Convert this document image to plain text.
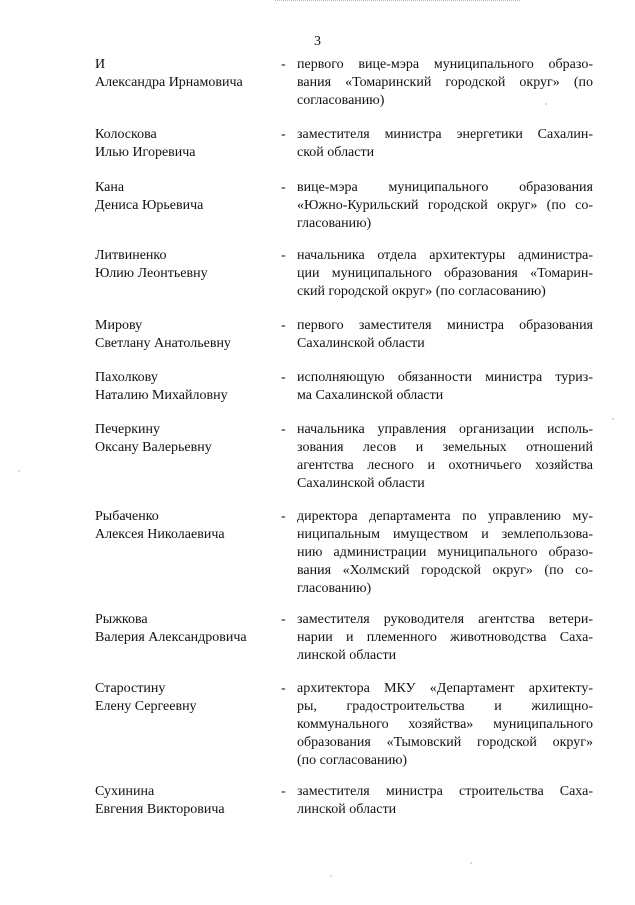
3
И
Александра Ирнамовича
- первого вице-мэра муниципального образо-
вания «Томаринский городской округ» (по
согласованию)
Колоскова
Илью Игоревича
- заместителя министра энергетики Сахалин-
ской области
Кана
Дениса Юрьевича
- вице-мэра муниципального образования
«Южно-Курильский городской округ» (по со-
гласованию)
Литвиненко
Юлию Леонтьевну
- начальника отдела архитектуры администра-
ции муниципального образования «Томарин-
ский городской округ» (по согласованию)
Мирову
Светлану Анатольевну
- первого заместителя министра образования
Сахалинской области
Пахолкову
Наталию Михайловну
- исполняющую обязанности министра туриз-
ма Сахалинской области
Печеркину
Оксану Валерьевну
- начальника управления организации исполь-
зования лесов и земельных отношений
агентства лесного и охотничьего хозяйства
Сахалинской области
Рыбаченко
Алексея Николаевича
- директора департамента по управлению му-
ниципальным имуществом и землепользова-
нию администрации муниципального образо-
вания «Холмский городской округ» (по со-
гласованию)
Рыжкова
Валерия Александровича
- заместителя руководителя агентства ветери-
нарии и племенного животноводства Саха-
линской области
Старостину
Елену Сергеевну
- архитектора МКУ «Департамент архитекту-
ры, градостроительства и жилищно-
коммунального хозяйства» муниципального
образования «Тымовский городской округ»
(по согласованию)
Сухинина
Евгения Викторовича
- заместителя министра строительства Саха-
линской области
